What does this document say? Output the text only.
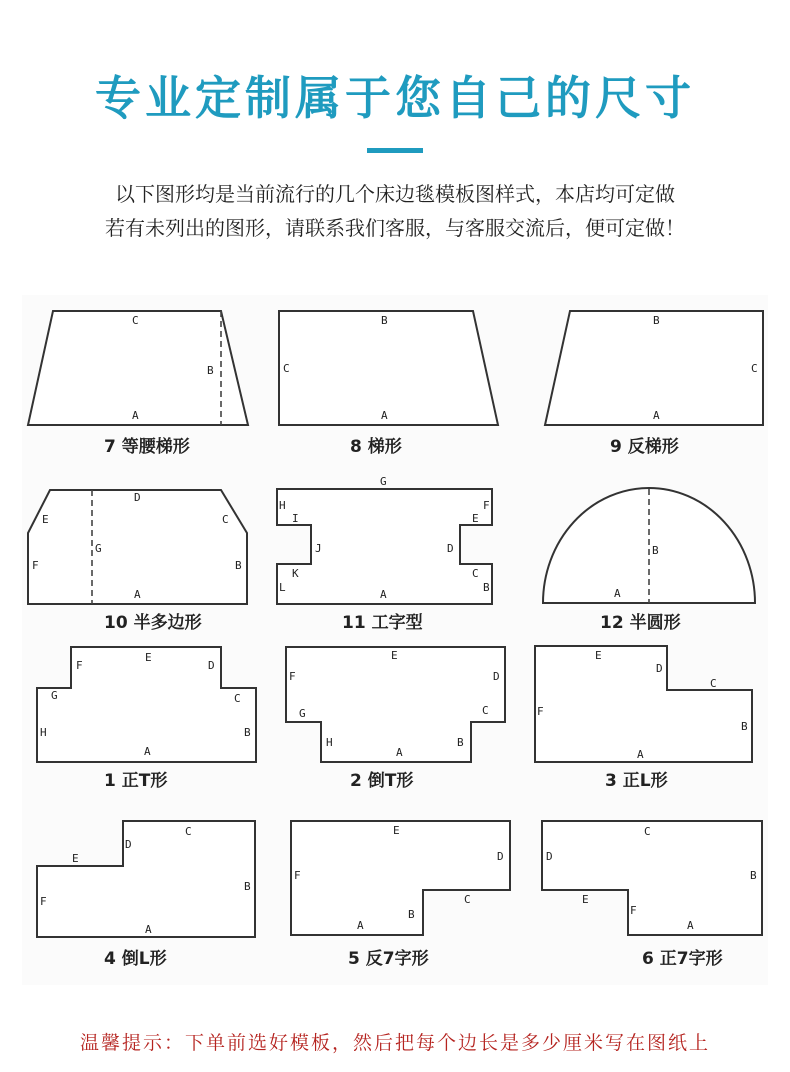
专业定制属于您自己的尺寸
以下图形均是当前流行的几个床边毯模板图样式，本店均可定做
若有未列出的图形，请联系我们客服，与客服交流后，便可定做！
C
B
A
7 等腰梯形
B
C
A
8 梯形
B
C
A
9 反梯形
D
E	C
G
F	B
A
10 半多边形
G
H	F
I	E
J	D
K	C
L
A
B
11 工字型
B
A
12 半圆形
E
F	D
G	C
H	B
A
1 正T形
E
F	D
G	C
H
A
B
2 倒T形
E
D
C
F
B
A
3 正L形
C
D
E
B
F
A
4 倒L形
E
D
F
C
B
A
5 反7字形
C
D
B
E
F
A
6 正7字形
温馨提示：下单前选好模板，然后把每个边长是多少厘米写在图纸上
